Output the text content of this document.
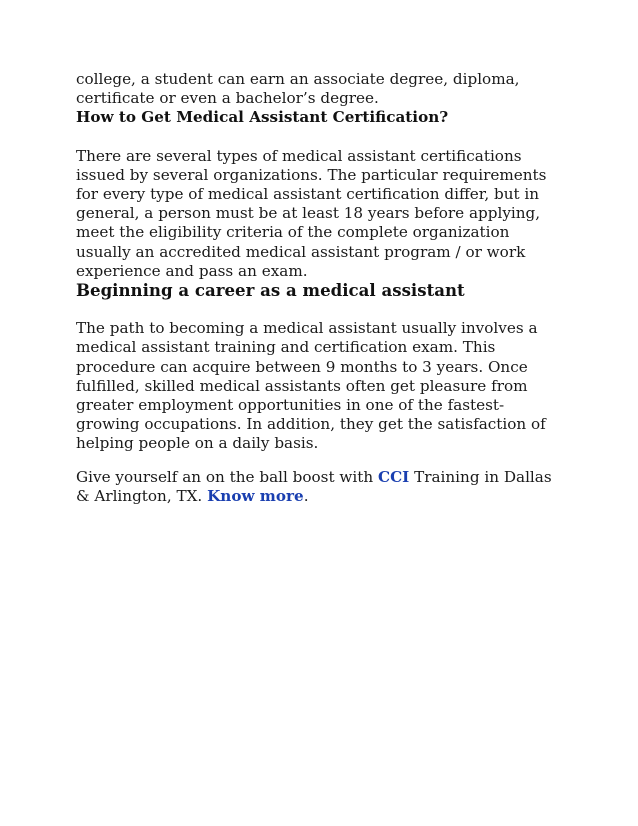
college, a student can earn an associate degree, diploma,
certificate or even a bachelor’s degree.

How to Get Medical Assistant Certification?

There are several types of medical assistant certifications issued by several organizations. The particular requirements for every type of medical assistant certification differ, but in general, a person must be at least 18 years before applying, meet the eligibility criteria of the complete organization usually an accredited medical assistant program / or work experience and pass an exam.

Beginning a career as a medical assistant

The path to becoming a medical assistant usually involves a medical assistant training and certification exam. This procedure can acquire between 9 months to 3 years. Once fulfilled, skilled medical assistants often get pleasure from greater employment opportunities in one of the fastest-growing occupations. In addition, they get the satisfaction of helping people on a daily basis.

Give yourself an on the ball boost with CCI Training in Dallas & Arlington, TX. Know more.
